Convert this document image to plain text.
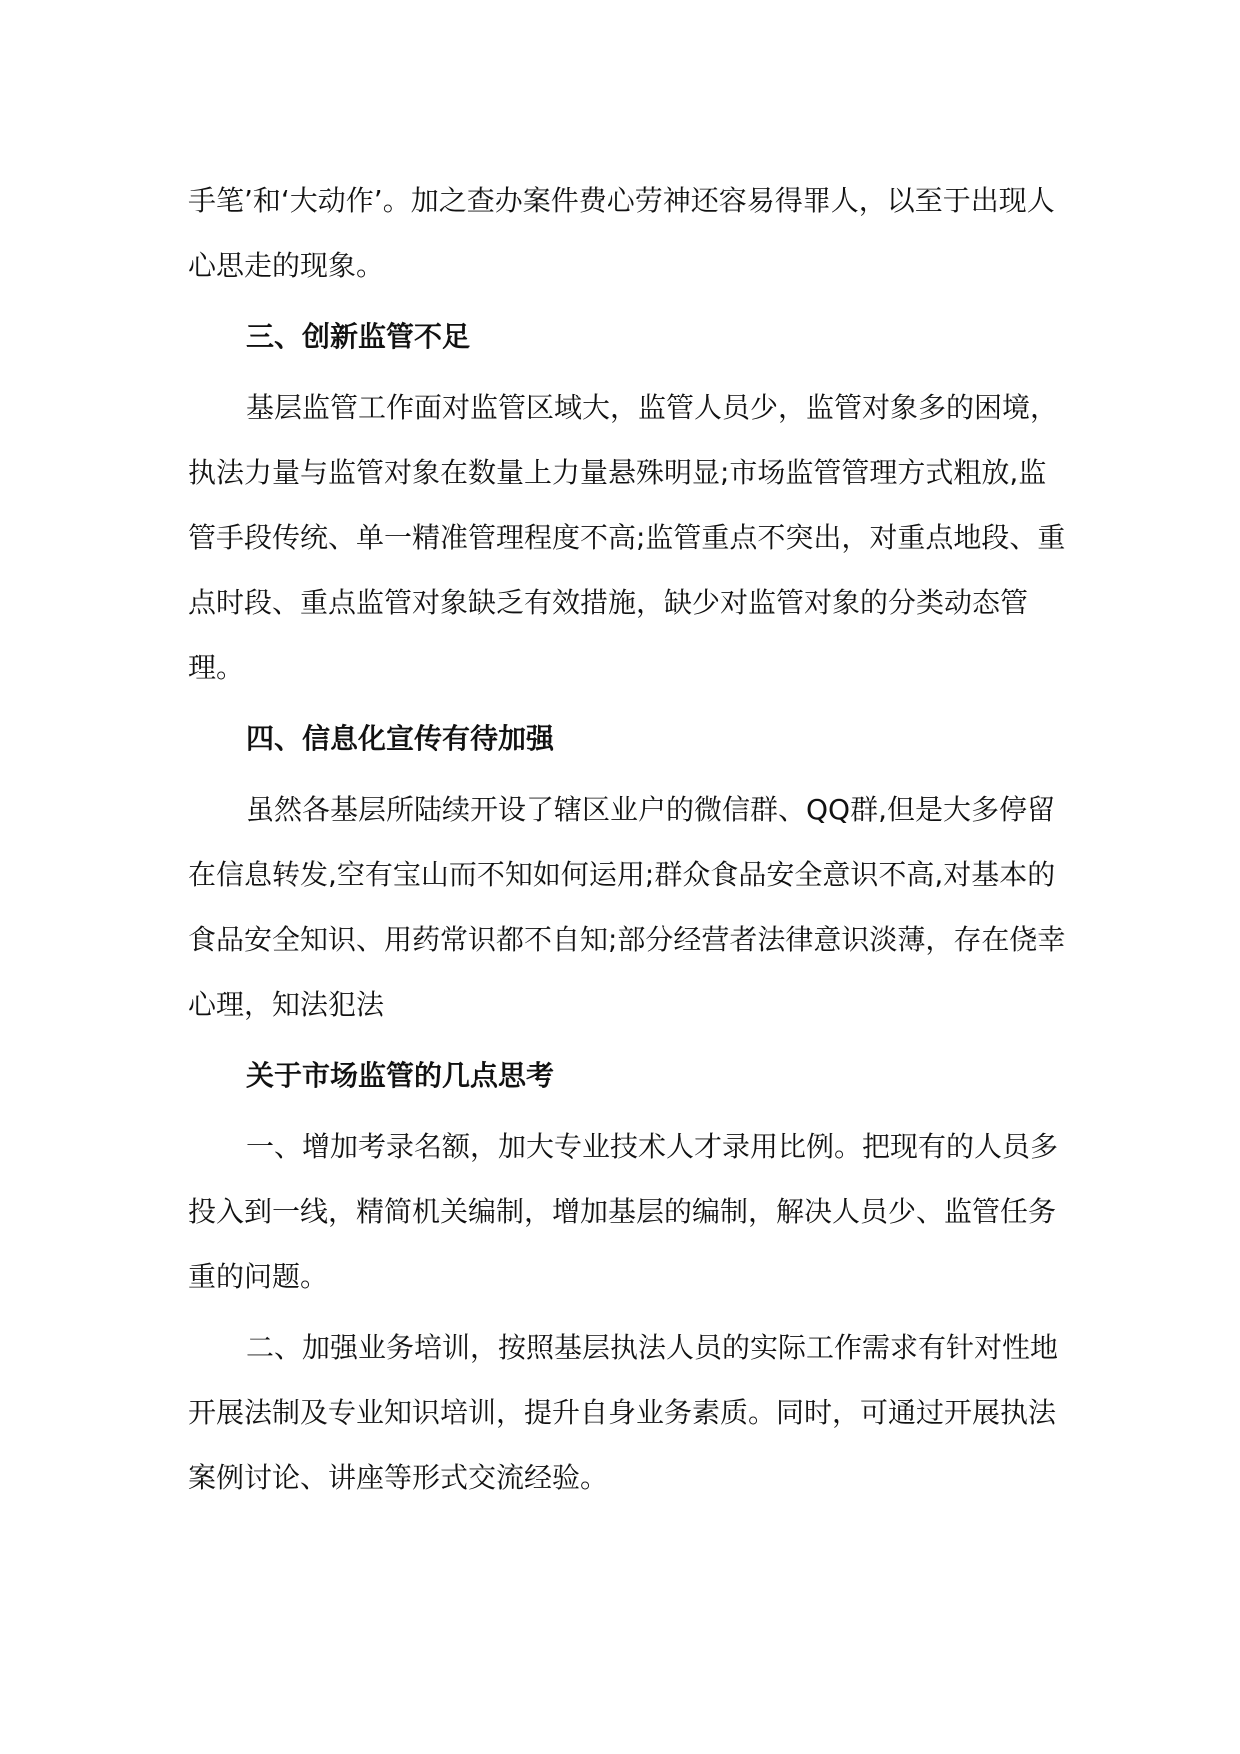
手笔’和‘大动作’。加之查办案件费心劳神还容易得罪人，以至于出现人心思走的现象。

三、创新监管不足

基层监管工作面对监管区域大，监管人员少，监管对象多的困境，执法力量与监管对象在数量上力量悬殊明显;市场监管管理方式粗放,监管手段传统、单一精准管理程度不高;监管重点不突出，对重点地段、重点时段、重点监管对象缺乏有效措施，缺少对监管对象的分类动态管理。

四、信息化宣传有待加强

虽然各基层所陆续开设了辖区业户的微信群、QQ群,但是大多停留在信息转发,空有宝山而不知如何运用;群众食品安全意识不高,对基本的食品安全知识、用药常识都不自知;部分经营者法律意识淡薄，存在侥幸心理，知法犯法

关于市场监管的几点思考

一、增加考录名额，加大专业技术人才录用比例。把现有的人员多投入到一线，精简机关编制，增加基层的编制，解决人员少、监管任务重的问题。

二、加强业务培训，按照基层执法人员的实际工作需求有针对性地开展法制及专业知识培训，提升自身业务素质。同时，可通过开展执法案例讨论、讲座等形式交流经验。
